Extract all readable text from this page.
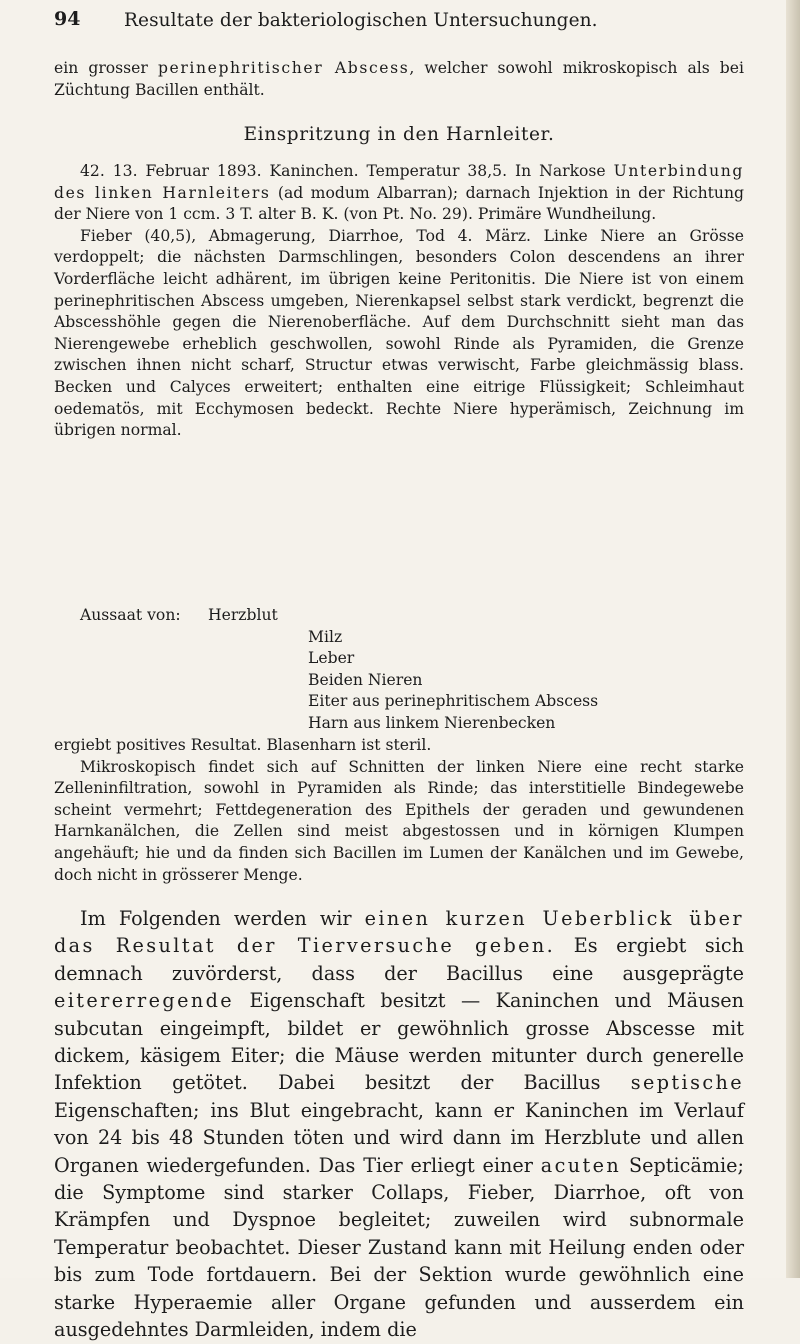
94 Resultate der bakteriologischen Untersuchungen.

ein grosser perinephritischer Abscess, welcher sowohl mikroskopisch als bei Züchtung Bacillen enthält.

Einspritzung in den Harnleiter.

42. 13. Februar 1893. Kaninchen. Temperatur 38,5. In Narkose Unterbindung des linken Harnleiters (ad modum Albarran); darnach Injektion in der Richtung der Niere von 1 ccm. 3 T. alter B. K. (von Pt. No. 29). Primäre Wundheilung.

Fieber (40,5), Abmagerung, Diarrhoe, Tod 4. März. Linke Niere an Grösse verdoppelt; die nächsten Darmschlingen, besonders Colon descendens an ihrer Vorderfläche leicht adhärent, im übrigen keine Peritonitis. Die Niere ist von einem perinephritischen Abscess umgeben, Nierenkapsel selbst stark verdickt, begrenzt die Abscesshöhle gegen die Nierenoberfläche. Auf dem Durchschnitt sieht man das Nierengewebe erheblich geschwollen, sowohl Rinde als Pyramiden, die Grenze zwischen ihnen nicht scharf, Structur etwas verwischt, Farbe gleichmässig blass. Becken und Calyces erweitert; enthalten eine eitrige Flüssigkeit; Schleimhaut oedematös, mit Ecchymosen bedeckt. Rechte Niere hyperämisch, Zeichnung im übrigen normal.

Aussaat von: Herzblut
Milz
Leber
Beiden Nieren
Eiter aus perinephritischem Abscess
Harn aus linkem Nierenbecken

ergiebt positives Resultat. Blasenharn ist steril.

Mikroskopisch findet sich auf Schnitten der linken Niere eine recht starke Zelleninfiltration, sowohl in Pyramiden als Rinde; das interstitielle Bindegewebe scheint vermehrt; Fettdegeneration des Epithels der geraden und gewundenen Harnkanälchen, die Zellen sind meist abgestossen und in körnigen Klumpen angehäuft; hie und da finden sich Bacillen im Lumen der Kanälchen und im Gewebe, doch nicht in grösserer Menge.

Im Folgenden werden wir einen kurzen Ueberblick über das Resultat der Tierversuche geben. Es ergiebt sich demnach zuvörderst, dass der Bacillus eine ausgeprägte eitererregende Eigenschaft besitzt — Kaninchen und Mäusen subcutan eingeimpft, bildet er gewöhnlich grosse Abscesse mit dickem, käsigem Eiter; die Mäuse werden mitunter durch generelle Infektion getötet. Dabei besitzt der Bacillus septische Eigenschaften; ins Blut eingebracht, kann er Kaninchen im Verlauf von 24 bis 48 Stunden töten und wird dann im Herzblute und allen Organen wiedergefunden. Das Tier erliegt einer acuten Septicämie; die Symptome sind starker Collaps, Fieber, Diarrhoe, oft von Krämpfen und Dyspnoe begleitet; zuweilen wird subnormale Temperatur beobachtet. Dieser Zustand kann mit Heilung enden oder bis zum Tode fortdauern. Bei der Sektion wurde gewöhnlich eine starke Hyperaemie aller Organe gefunden und ausserdem ein ausgedehntes Darmleiden, indem die
